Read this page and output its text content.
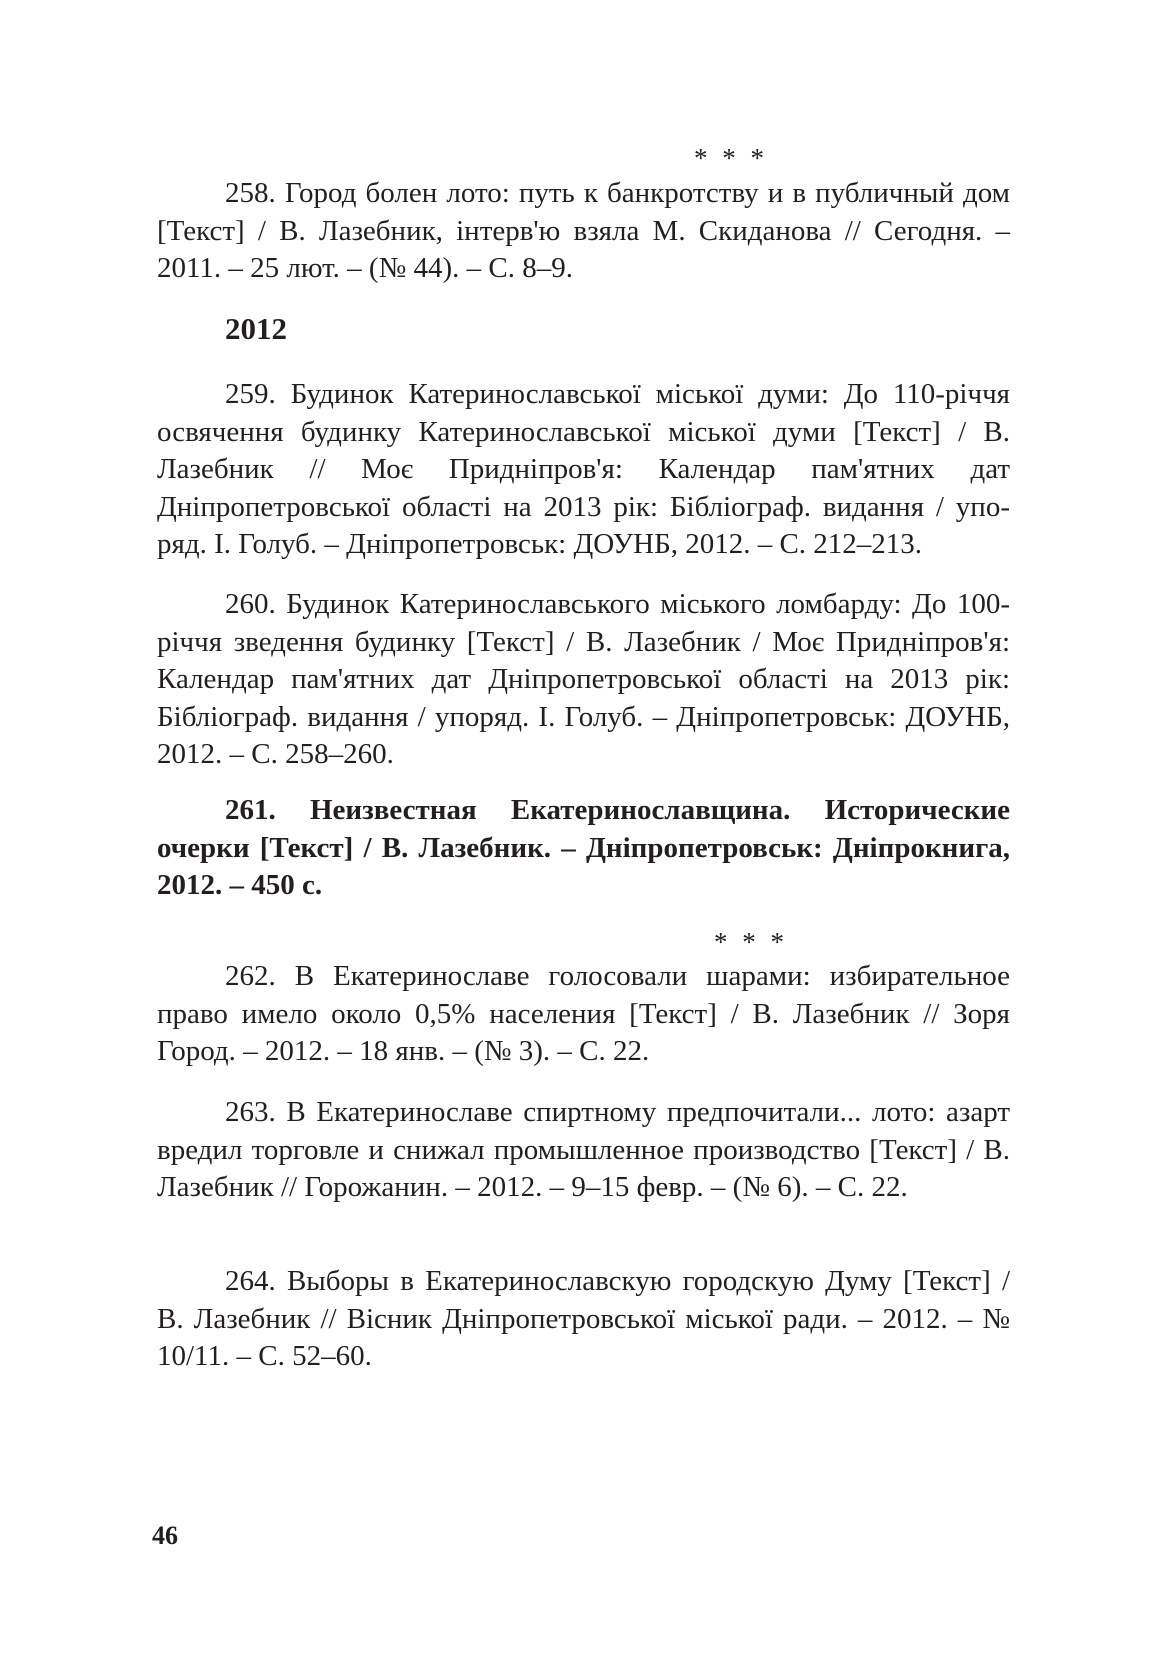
* * *
258. Город болен лото: путь к банкротству и в публичный дом [Текст] / В. Лазебник, інтерв'ю взяла М. Скиданова // Сегодня. – 2011. – 25 лют. – (№ 44). – С. 8–9.
2012
259. Будинок Катеринославської міської думи: До 110-річчя освячення будинку Катеринославської міської думи [Текст] / В. Лазебник // Моє Придніпров'я: Календар пам'ятних дат Дніпропетровської області на 2013 рік: Бібліограф. видання / упоряд. І. Голуб. – Дніпропетровськ: ДОУНБ, 2012. – С. 212–213.
260. Будинок Катеринославського міського ломбарду: До 100-річчя зведення будинку [Текст] / В. Лазебник / Моє Придніпров'я: Календар пам'ятних дат Дніпропетровської області на 2013 рік: Бібліограф. видання / упоряд. І. Голуб. – Дніпропетровськ: ДОУНБ, 2012. – С. 258–260.
261. Неизвестная Екатеринославщина. Исторические очерки [Текст] / В. Лазебник. – Дніпропетровськ: Дніпрокнига, 2012. – 450 с.
* * *
262. В Екатеринославе голосовали шарами: избирательное право имело около 0,5% населения [Текст] / В. Лазебник // Зоря Город. – 2012. – 18 янв. – (№ 3). – С. 22.
263. В Екатеринославе спиртному предпочитали... лото: азарт вредил торговле и снижал промышленное производство [Текст] / В. Лазебник // Горожанин. – 2012. – 9–15 февр. – (№ 6). – С. 22.
264. Выборы в Екатеринославскую городскую Думу [Текст] / В. Лазебник // Вісник Дніпропетровської міської ради. – 2012. – № 10/11. – С. 52–60.
46
